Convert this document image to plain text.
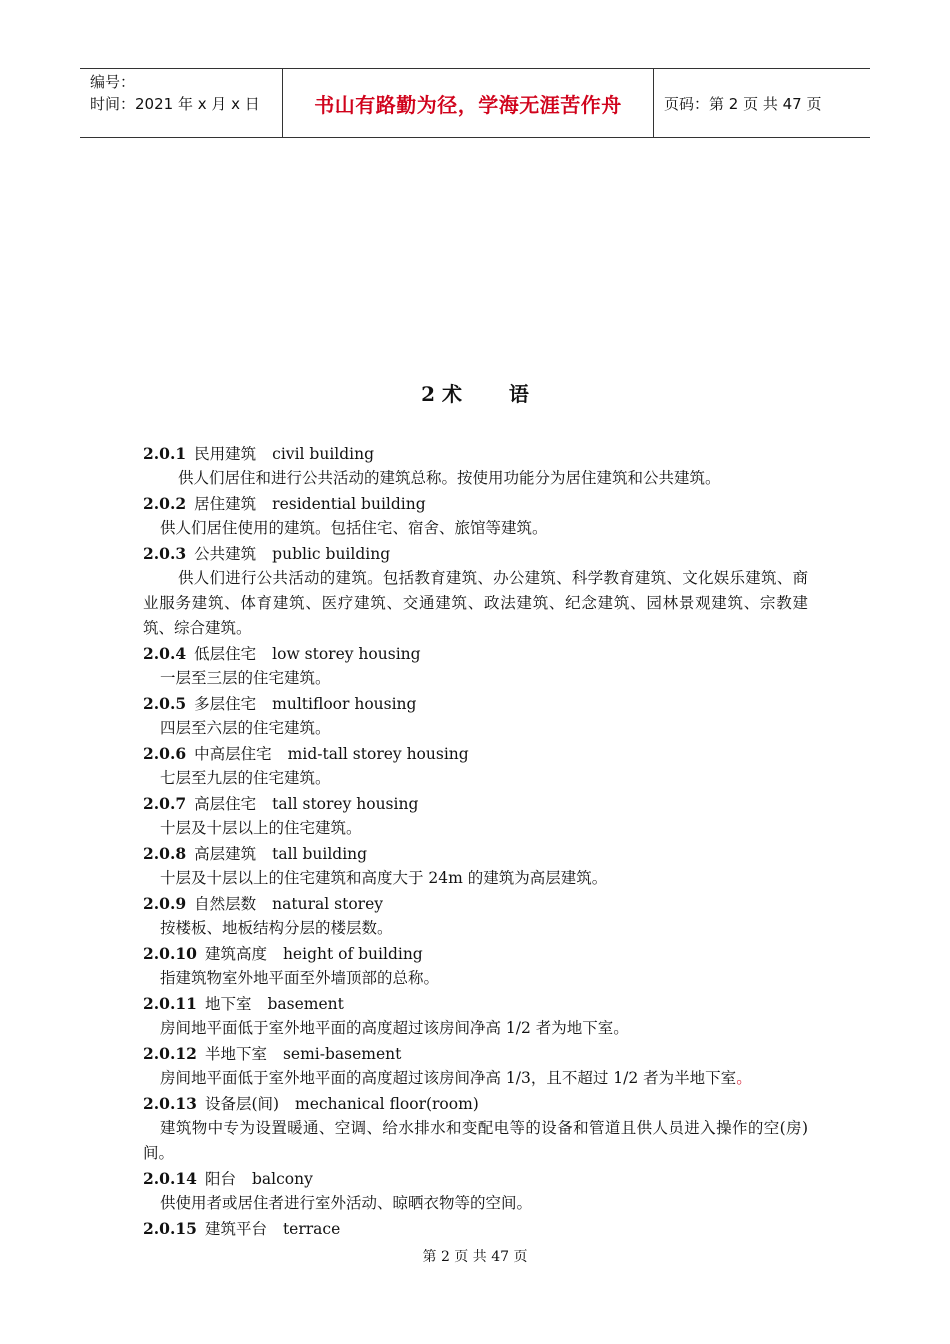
编号：
时间：2021 年 x 月 x 日	书山有路勤为径，学海无涯苦作舟	页码：第 2 页 共 47 页
2 术 语
2.0.1 民用建筑 civil building
供人们居住和进行公共活动的建筑总称。按使用功能分为居住建筑和公共建筑。
2.0.2 居住建筑 residential building
供人们居住使用的建筑。包括住宅、宿舍、旅馆等建筑。
2.0.3 公共建筑 public building
供人们进行公共活动的建筑。包括教育建筑、办公建筑、科学教育建筑、文化娱乐建筑、商业服务建筑、体育建筑、医疗建筑、交通建筑、政法建筑、纪念建筑、园林景观建筑、宗教建筑、综合建筑。
2.0.4 低层住宅 low storey housing
一层至三层的住宅建筑。
2.0.5 多层住宅 multifloor housing
四层至六层的住宅建筑。
2.0.6 中高层住宅 mid-tall storey housing
七层至九层的住宅建筑。
2.0.7 高层住宅 tall storey housing
十层及十层以上的住宅建筑。
2.0.8 高层建筑 tall building
十层及十层以上的住宅建筑和高度大于 24m 的建筑为高层建筑。
2.0.9 自然层数 natural storey
按楼板、地板结构分层的楼层数。
2.0.10 建筑高度 height of building
指建筑物室外地平面至外墙顶部的总称。
2.0.11 地下室 basement
房间地平面低于室外地平面的高度超过该房间净高 1/2 者为地下室。
2.0.12 半地下室 semi-basement
房间地平面低于室外地平面的高度超过该房间净高 1/3，且不超过 1/2 者为半地下室。
2.0.13 设备层(间) mechanical floor(room)
建筑物中专为设置暖通、空调、给水排水和变配电等的设备和管道且供人员进入操作的空(房)间。
2.0.14 阳台 balcony
供使用者或居住者进行室外活动、晾晒衣物等的空间。
2.0.15 建筑平台 terrace
第 2 页 共 47 页
